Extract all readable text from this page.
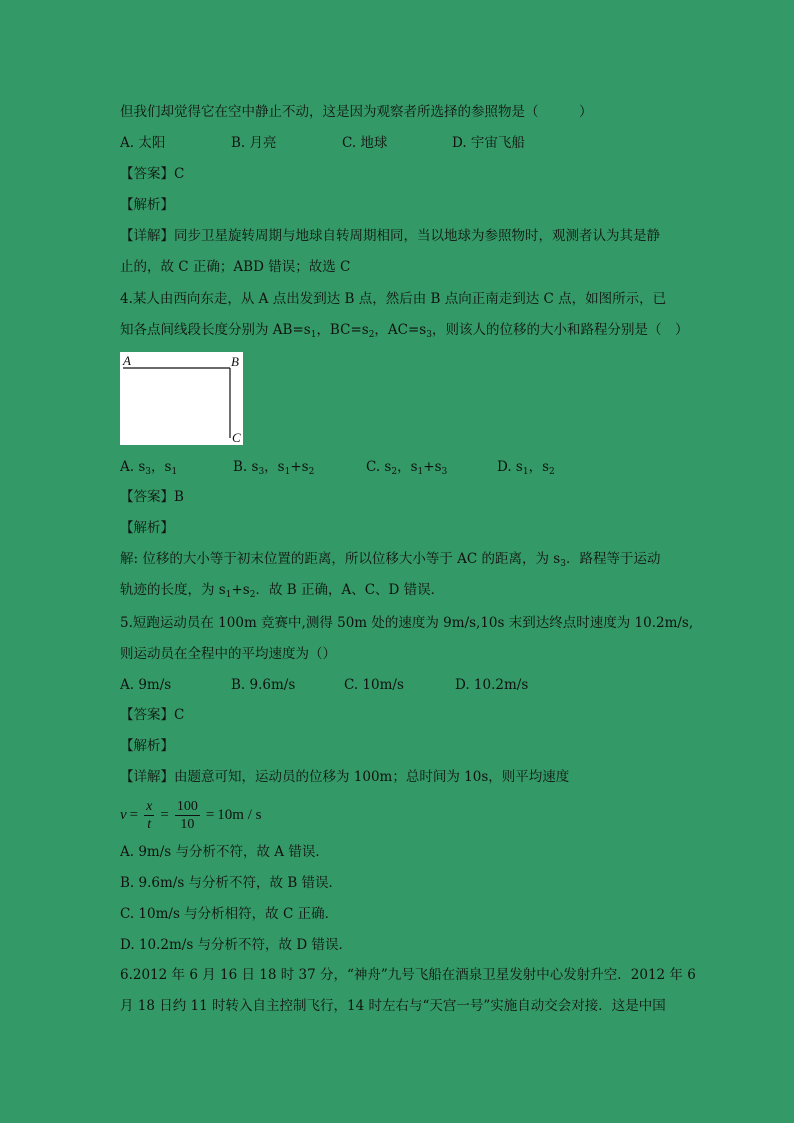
但我们却觉得它在空中静止不动，这是因为观察者所选择的参照物是（　　　）
A. 太阳	B. 月亮	C. 地球	D. 宇宙飞船
【答案】C
【解析】
【详解】同步卫星旋转周期与地球自转周期相同，当以地球为参照物时，观测者认为其是静
止的，故 C 正确；ABD 错误；故选 C
4.某人由西向东走，从 A 点出发到达 B 点，然后由 B 点向正南走到达 C 点，如图所示，已
知各点间线段长度分别为 $AB=s_1$，$BC=s_2$，$AC=s_3$，则该人的位移的大小和路程分别是（　）
A	B
C
A. $s_3$，$s_1$	B. $s_3$，$s_1+s_2$	C. $s_2$，$s_1+s_3$	D. $s_1$，$s_2$
【答案】B
【解析】
解: 位移的大小等于初末位置的距离，所以位移大小等于 AC 的距离，为 $s_3$．路程等于运动
轨迹的长度，为 $s_1+s_2$．故 B 正确，A、C、D 错误．
5.短跑运动员在 100m 竞赛中,测得 50m 处的速度为 9m/s,10s 末到达终点时速度为 10.2m/s,
则运动员在全程中的平均速度为（）
A. 9m/s	B. 9.6m/s	C. 10m/s	D. 10.2m/s
【答案】C
【解析】
【详解】由题意可知，运动员的位移为 100m；总时间为 10s，则平均速度
$v = \frac{x}{t} = \frac{100}{10} = 10m / s$
A. 9m/s 与分析不符，故 A 错误．
B. 9.6m/s 与分析不符，故 B 错误．
C. 10m/s 与分析相符，故 C 正确．
D. 10.2m/s 与分析不符，故 D 错误．
6.2012 年 6 月 16 日 18 时 37 分，“神舟”九号飞船在酒泉卫星发射中心发射升空．2012 年 6
月 18 日约 11 时转入自主控制飞行，14 时左右与“天宫一号”实施自动交会对接．这是中国
